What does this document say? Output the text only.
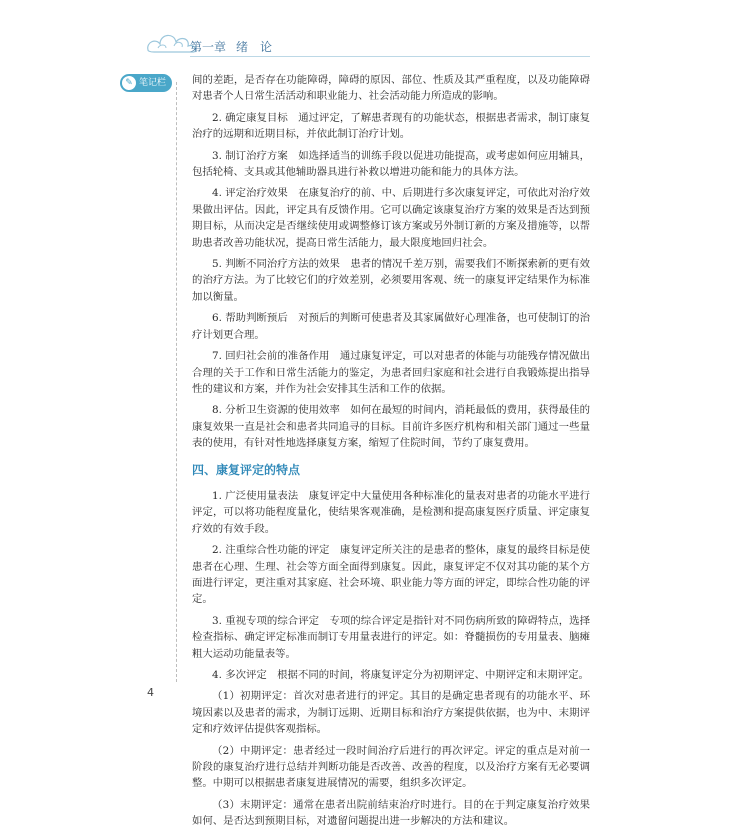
第一章 绪　论
✎ 笔记栏 间的差距，是否存在功能障碍，障碍的原因、部位、性质及其严重程度，以及功能障碍对患者个人日常生活活动和职业能力、社会活动能力所造成的影响。

2. 确定康复目标　通过评定，了解患者现有的功能状态，根据患者需求，制订康复治疗的远期和近期目标，并依此制订治疗计划。

3. 制订治疗方案　如选择适当的训练手段以促进功能提高，或考虑如何应用辅具，包括轮椅、支具或其他辅助器具进行补救以增进功能和能力的具体方法。

4. 评定治疗效果　在康复治疗的前、中、后期进行多次康复评定，可依此对治疗效果做出评估。因此，评定具有反馈作用。它可以确定该康复治疗方案的效果是否达到预期目标，从而决定是否继续使用或调整修订该方案或另外制订新的方案及措施等，以帮助患者改善功能状况，提高日常生活能力，最大限度地回归社会。

5. 判断不同治疗方法的效果　患者的情况千差万别，需要我们不断探索新的更有效的治疗方法。为了比较它们的疗效差别，必须要用客观、统一的康复评定结果作为标准加以衡量。

6. 帮助判断预后　对预后的判断可使患者及其家属做好心理准备，也可使制订的治疗计划更合理。

7. 回归社会前的准备作用　通过康复评定，可以对患者的体能与功能残存情况做出合理的关于工作和日常生活能力的鉴定，为患者回归家庭和社会进行自我锻炼提出指导性的建议和方案，并作为社会安排其生活和工作的依据。

8. 分析卫生资源的使用效率　如何在最短的时间内，消耗最低的费用，获得最佳的康复效果一直是社会和患者共同追寻的目标。目前许多医疗机构和相关部门通过一些量表的使用，有针对性地选择康复方案，缩短了住院时间，节约了康复费用。

四、康复评定的特点

1. 广泛使用量表法　康复评定中大量使用各种标准化的量表对患者的功能水平进行评定，可以将功能程度量化，使结果客观准确，是检测和提高康复医疗质量、评定康复疗效的有效手段。

2. 注重综合性功能的评定　康复评定所关注的是患者的整体，康复的最终目标是使患者在心理、生理、社会等方面全面得到康复。因此，康复评定不仅对其功能的某个方面进行评定，更注重对其家庭、社会环境、职业能力等方面的评定，即综合性功能的评定。

3. 重视专项的综合评定　专项的综合评定是指针对不同伤病所致的障碍特点，选择检查指标、确定评定标准而制订专用量表进行的评定。如：脊髓损伤的专用量表、脑瘫粗大运动功能量表等。

4. 多次评定　根据不同的时间，将康复评定分为初期评定、中期评定和末期评定。

（1）初期评定：首次对患者进行的评定。其目的是确定患者现有的功能水平、环境因素以及患者的需求，为制订远期、近期目标和治疗方案提供依据，也为中、末期评定和疗效评估提供客观指标。

（2）中期评定：患者经过一段时间治疗后进行的再次评定。评定的重点是对前一阶段的康复治疗进行总结并判断功能是否改善、改善的程度，以及治疗方案有无必要调整。中期可以根据患者康复进展情况的需要，组织多次评定。

（3）末期评定：通常在患者出院前结束治疗时进行。目的在于判定康复治疗效果如何、是否达到预期目标，对遗留问题提出进一步解决的方法和建议。

4
